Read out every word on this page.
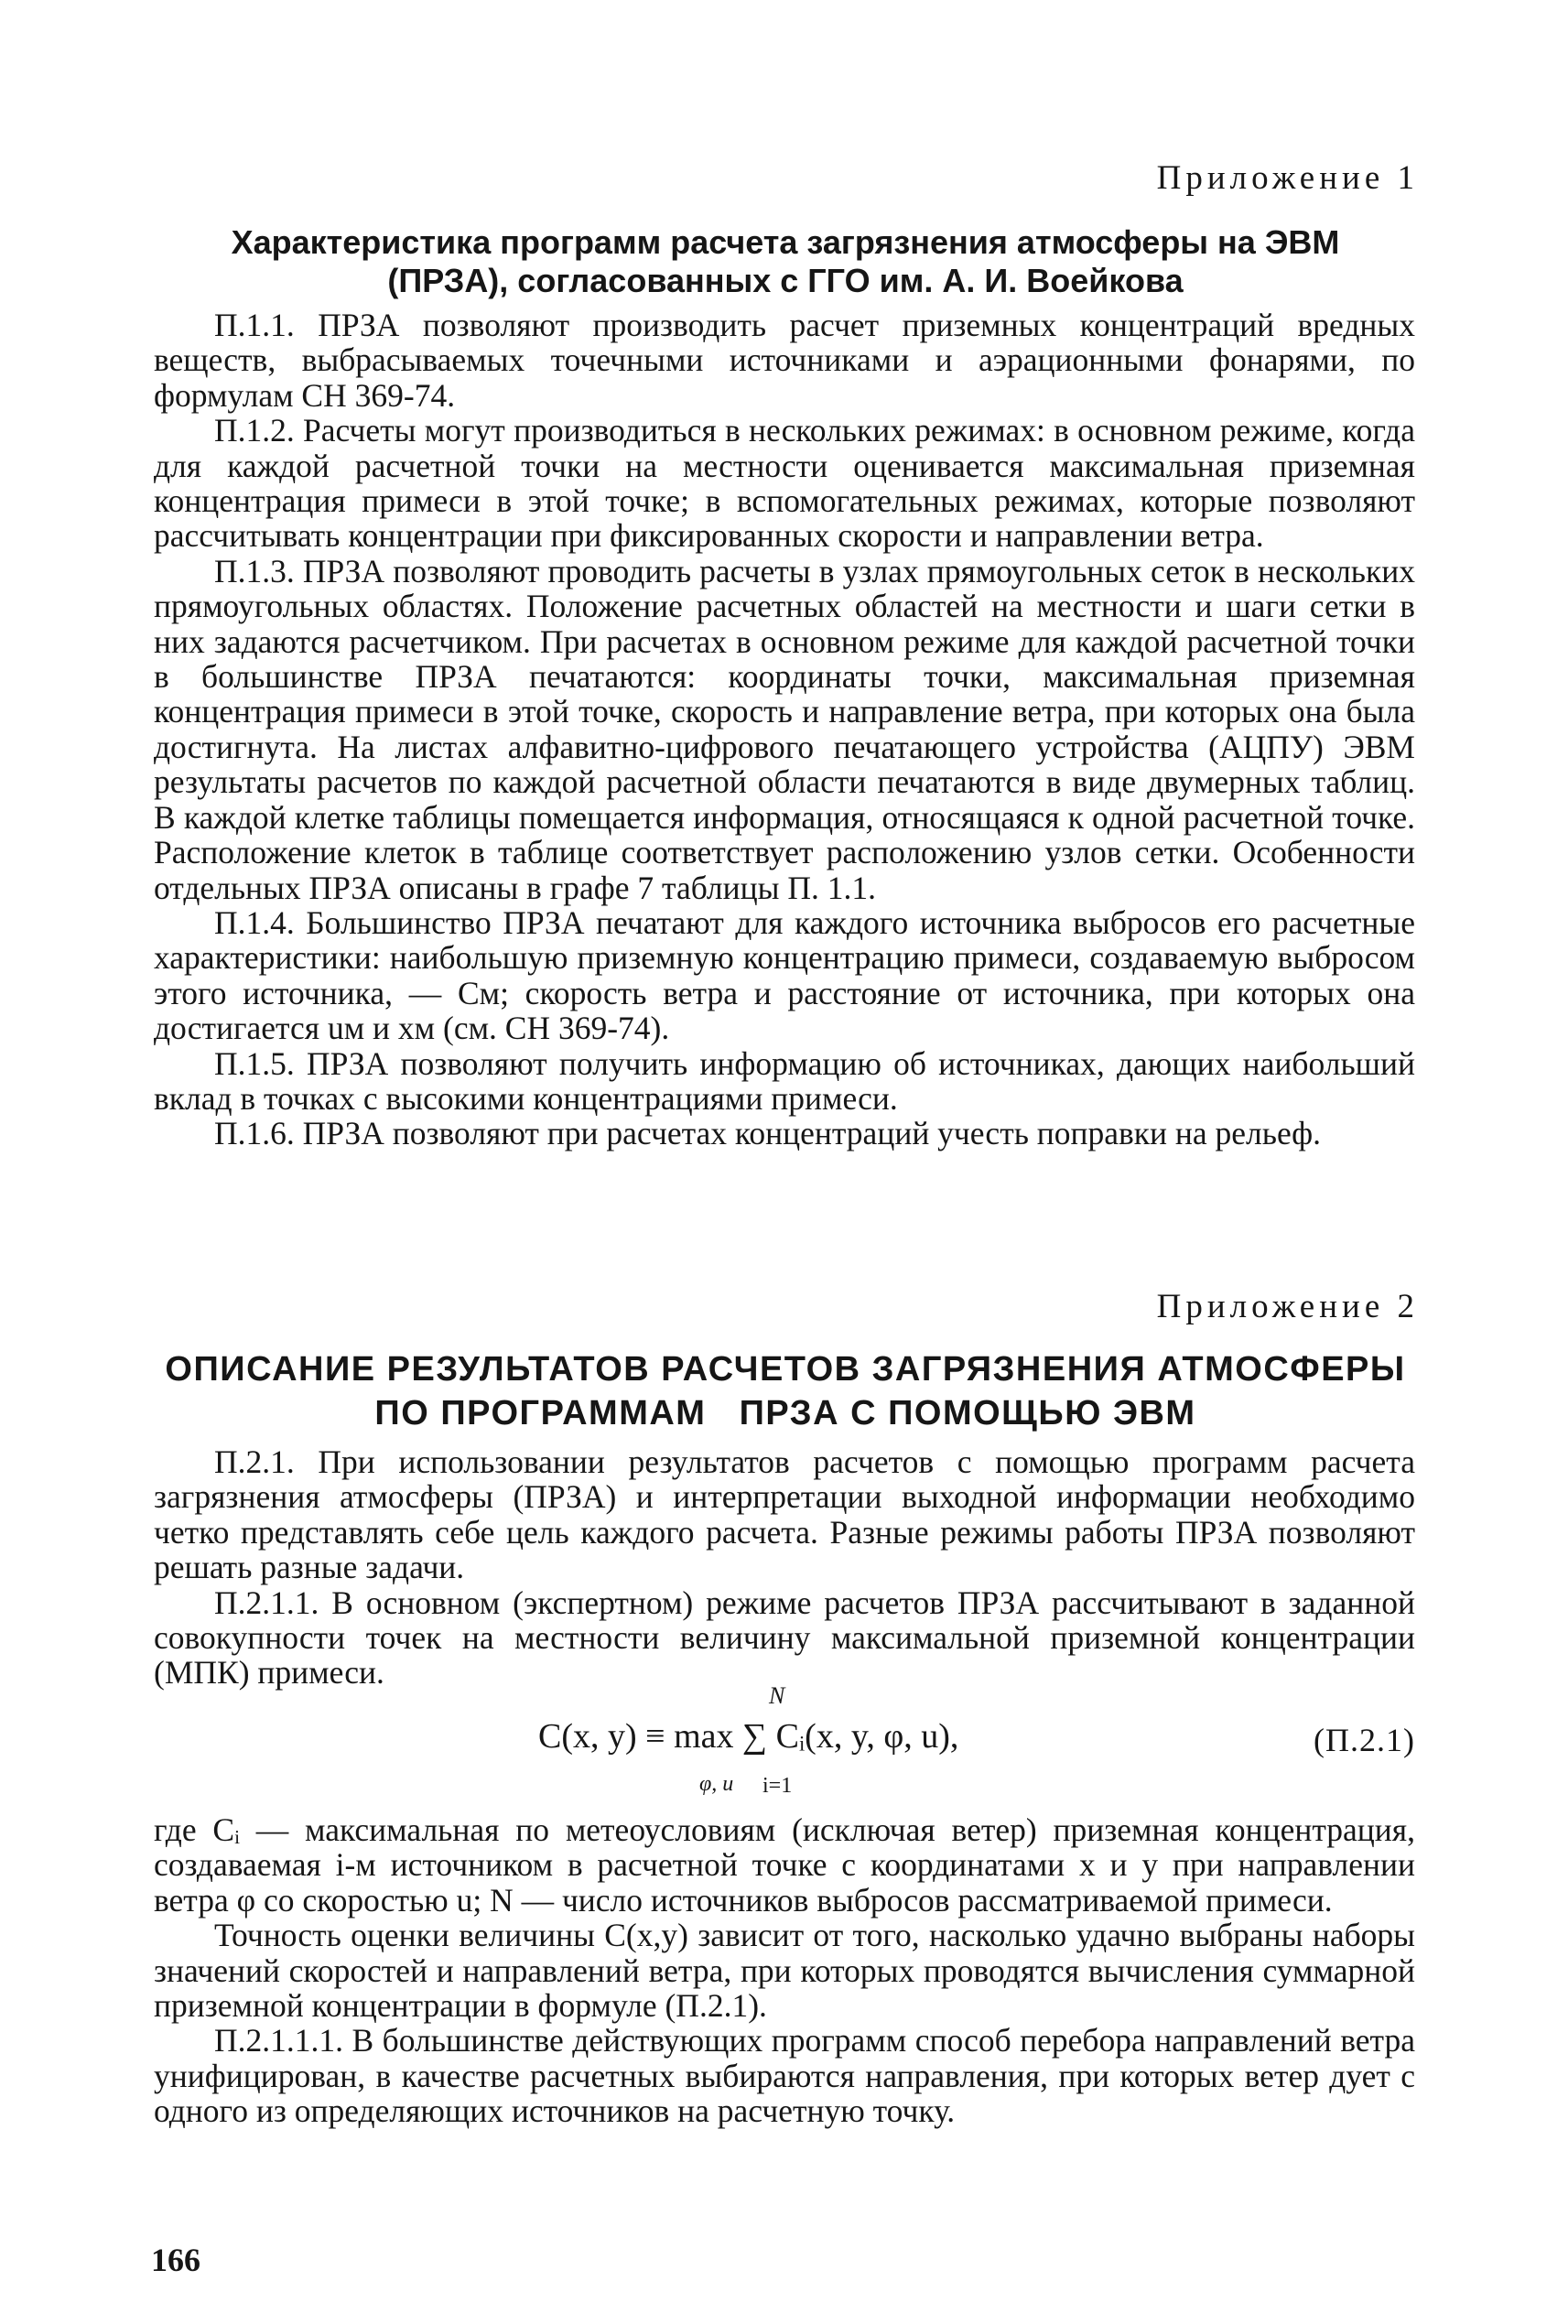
Приложение 1
Характеристика программ расчета загрязнения атмосферы на ЭВМ
(ПРЗА), согласованных с ГГО им. А. И. Воейкова

П.1.1. ПРЗА позволяют производить расчет приземных концентраций вредных веществ, выбрасываемых точечными источниками и аэрационными фонарями, по формулам СН 369-74.

П.1.2. Расчеты могут производиться в нескольких режимах: в основном режиме, когда для каждой расчетной точки на местности оценивается максимальная приземная концентрация примеси в этой точке; в вспомогательных режимах, которые позволяют рассчитывать концентрации при фиксированных скорости и направлении ветра.

П.1.3. ПРЗА позволяют проводить расчеты в узлах прямоугольных сеток в нескольких прямоугольных областях. Положение расчетных областей на местности и шаги сетки в них задаются расчетчиком. При расчетах в основном режиме для каждой расчетной точки в большинстве ПРЗА печатаются: координаты точки, максимальная приземная концентрация примеси в этой точке, скорость и направление ветра, при которых она была достигнута. На листах алфавитно-цифрового печатающего устройства (АЦПУ) ЭВМ результаты расчетов по каждой расчетной области печатаются в виде двумерных таблиц. В каждой клетке таблицы помещается информация, относящаяся к одной расчетной точке. Расположение клеток в таблице соответствует расположению узлов сетки. Особенности отдельных ПРЗА описаны в графе 7 таблицы П. 1.1.

П.1.4. Большинство ПРЗА печатают для каждого источника выбросов его расчетные характеристики: наибольшую приземную концентрацию примеси, создаваемую выбросом этого источника, — Cм; скорость ветра и расстояние от источника, при которых она достигается uм и xм (см. СН 369-74).

П.1.5. ПРЗА позволяют получить информацию об источниках, дающих наибольший вклад в точках с высокими концентрациями примеси.

П.1.6. ПРЗА позволяют при расчетах концентраций учесть поправки на рельеф.

Приложение 2
ОПИСАНИЕ РЕЗУЛЬТАТОВ РАСЧЕТОВ ЗАГРЯЗНЕНИЯ АТМОСФЕРЫ
ПО ПРОГРАММАМ   ПРЗА С ПОМОЩЬЮ ЭВМ

П.2.1. При использовании результатов расчетов с помощью программ расчета загрязнения атмосферы (ПРЗА) и интерпретации выходной информации необходимо четко представлять себе цель каждого расчета. Разные режимы работы ПРЗА позволяют решать разные задачи.

П.2.1.1. В основном (экспертном) режиме расчетов ПРЗА рассчитывают в заданной совокупности точек на местности величину максимальной приземной концентрации (МПК) примеси.

N
C(x, y) ≡ max ∑ Cᵢ(x, y, φ, u),
φ, u i=1
(П.2.1)

где Cᵢ — максимальная по метеоусловиям (исключая ветер) приземная концентрация, создаваемая i-м источником в расчетной точке с координатами x и y при направлении ветра φ со скоростью u; N — число источников выбросов рассматриваемой примеси.

Точность оценки величины C(x,y) зависит от того, насколько удачно выбраны наборы значений скоростей и направлений ветра, при которых проводятся вычисления суммарной приземной концентрации в формуле (П.2.1).

П.2.1.1.1. В большинстве действующих программ способ перебора направлений ветра унифицирован, в качестве расчетных выбираются направления, при которых ветер дует с одного из определяющих источников на расчетную точку.

166
